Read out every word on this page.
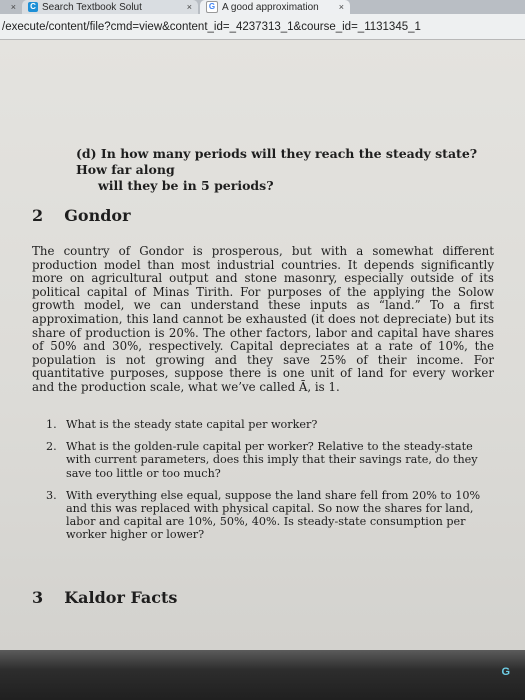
× C Search Textbook Solut	×	G A good approximation ×
/execute/content/file?cmd=view&content_id=_4237313_1&course_id=_1131345_1
(d) In how many periods will they reach the steady state? How far along
will they be in 5 periods?
2 Gondor
The country of Gondor is prosperous, but with a somewhat different production model than most industrial countries. It depends significantly more on agricultural output and stone masonry, especially outside of its political capital of Minas Tirith. For purposes of the applying the Solow growth model, we can understand these inputs as “land.” To a first approximation, this land cannot be exhausted (it does not depreciate) but its share of production is 20%. The other factors, labor and capital have shares of 50% and 30%, respectively. Capital depreciates at a rate of 10%, the population is not growing and they save 25% of their income. For quantitative purposes, suppose there is one unit of land for every worker and the production scale, what we’ve called Ā, is 1.
1. What is the steady state capital per worker?
2. What is the golden-rule capital per worker? Relative to the steady-state with current parameters, does this imply that their savings rate, do they save too little or too much?
3. With everything else equal, suppose the land share fell from 20% to 10% and this was replaced with physical capital. So now the shares for land, labor and capital are 10%, 50%, 40%. Is steady-state consumption per worker higher or lower?
3 Kaldor Facts
G
